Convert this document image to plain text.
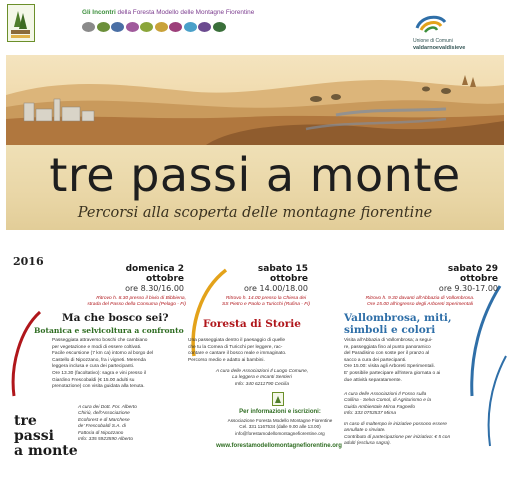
Gli Incontri della Foresta Modello delle Montagne Fiorentine
Unione di Comuni
valdarnoevaldisieve
tre passi a monte
Percorsi alla scoperta delle montagne fiorentine
2016
domenica 2
ottobre
ore 8.30/16.00
Ritrovo h. 8.30 presso il bivio di Bibbiena,
strada del Passo della Consuma (Pelago - Fi)
Ma che bosco sei?
Botanica e selvicoltura a confronto
Passeggiata attraverso boschi che cambiano
per vegetazione e modi di essere coltivati.
Facile escursione (7 km ca) intorno al borgo del
Castello di Nipozzano, fra i vigneti. Merenda
leggera inclusa e cura dei partecipanti.
Ore 13.30 (facoltativo): sagra e vini presso il
Giardino Frescobaldi (€ 15.00 adulti su
prenotazione) con visita guidata alla tenuta.
A cura dei Dott. For. Alberto
Chiriù, dell'Associazione
Ecoforest e di Marchese
de' Frescobaldi S.A. di
Fattoria di Nipozzano
Info: 335 5923590 Alberto
tre
passi
a monte
sabato 15
ottobre
ore 14.00/18.00
Ritrovo h. 14.00 presso la Chiesa dei
SS Pietro e Paolo a Turicchi (Rufina - Fi)
Foresta di Storie
Una passeggiata dentro il paesaggio di quelle
che tu la Comea di Turicchi per leggere, rac-
contare e cantare il bosco reale e immaginato.
Percorso medio e adatto ai bambini.
A cura delle Associazioni Il Luogo Comune,
La leggera e Incanti Sentieri
Info: 340 6211790 Cecilia
Per informazioni e iscrizioni:
Associazione Foresta Modello Montagne Fiorentine
Cel. 331 1167534 (dalle 9.00 alle 13.00)
info@forestamodellomontagnefiorentine.org
www.forestamodellomontagnefiorentine.org
sabato 29
ottobre
ore 9.30-17.00
Ritrovo h. 9.30 davanti all'Abbazia di Vallombrosa.
Ore 15.00 all'ingresso degli Arboreti Sperimentali
Vallombrosa, miti,
simboli e colori
Visita all'Abbazia di Vallombrosa; a segui-
re, passeggiata fino al punto panoramico
del Paradisino con soste per il pranzo al
sacco a cura dei partecipanti.
Ore 15.00: visita agli Arboreti Sperimentali.
E' possibile partecipare all'intera giornata o ai
due attività separatamente.
A cura delle Associazioni Il Fosso sulla
Collina - Selva Comol, di Agriturismo e la
Guida Ambientale Mirna Fagnello
Info: 333 0753537 Mirna
In caso di maltempo le iniziative possono essere
annullate o rinviate.
Contributo di partecipazione per iniziativa: € 5 con
adulti (esclusa sagra).
